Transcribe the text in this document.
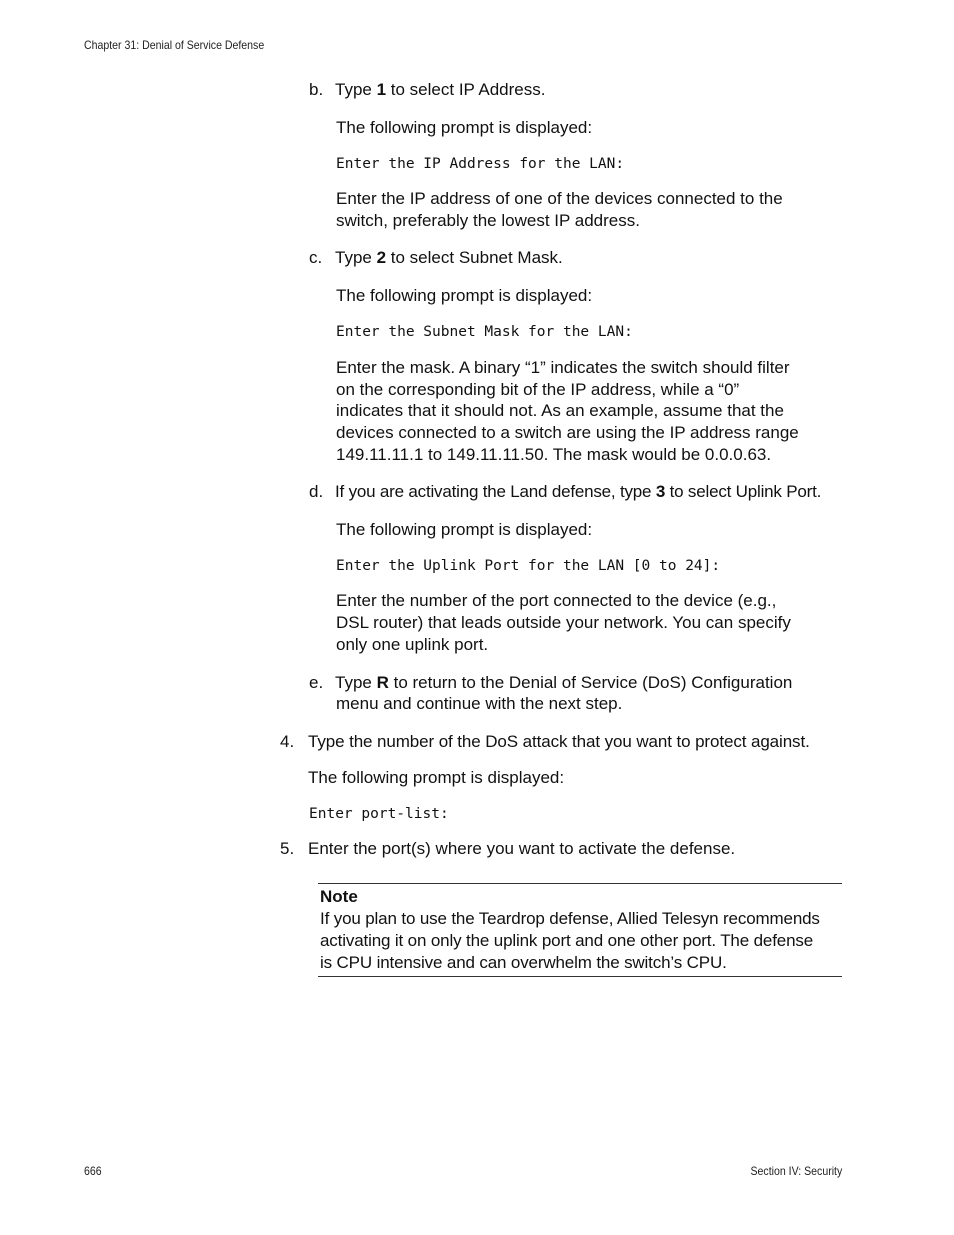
Chapter 31: Denial of Service Defense
b. Type 1 to select IP Address.

The following prompt is displayed:

Enter the IP Address for the LAN:

Enter the IP address of one of the devices connected to the

switch, preferably the lowest IP address.

c. Type 2 to select Subnet Mask.

The following prompt is displayed:

Enter the Subnet Mask for the LAN:

Enter the mask. A binary “1” indicates the switch should filter

on the corresponding bit of the IP address, while a “0”

indicates that it should not. As an example, assume that the

devices connected to a switch are using the IP address range

149.11.11.1 to 149.11.11.50. The mask would be 0.0.0.63.

d. If you are activating the Land defense, type 3 to select Uplink Port.

The following prompt is displayed:

Enter the Uplink Port for the LAN [0 to 24]:

Enter the number of the port connected to the device (e.g.,

DSL router) that leads outside your network. You can specify

only one uplink port.

e. Type R to return to the Denial of Service (DoS) Configuration

menu and continue with the next step.

4. Type the number of the DoS attack that you want to protect against.

The following prompt is displayed:

Enter port-list:

5. Enter the port(s) where you want to activate the defense.

Note
If you plan to use the Teardrop defense, Allied Telesyn recommends
activating it on only the uplink port and one other port. The defense
is CPU intensive and can overwhelm the switch’s CPU.
666	Section IV: Security
